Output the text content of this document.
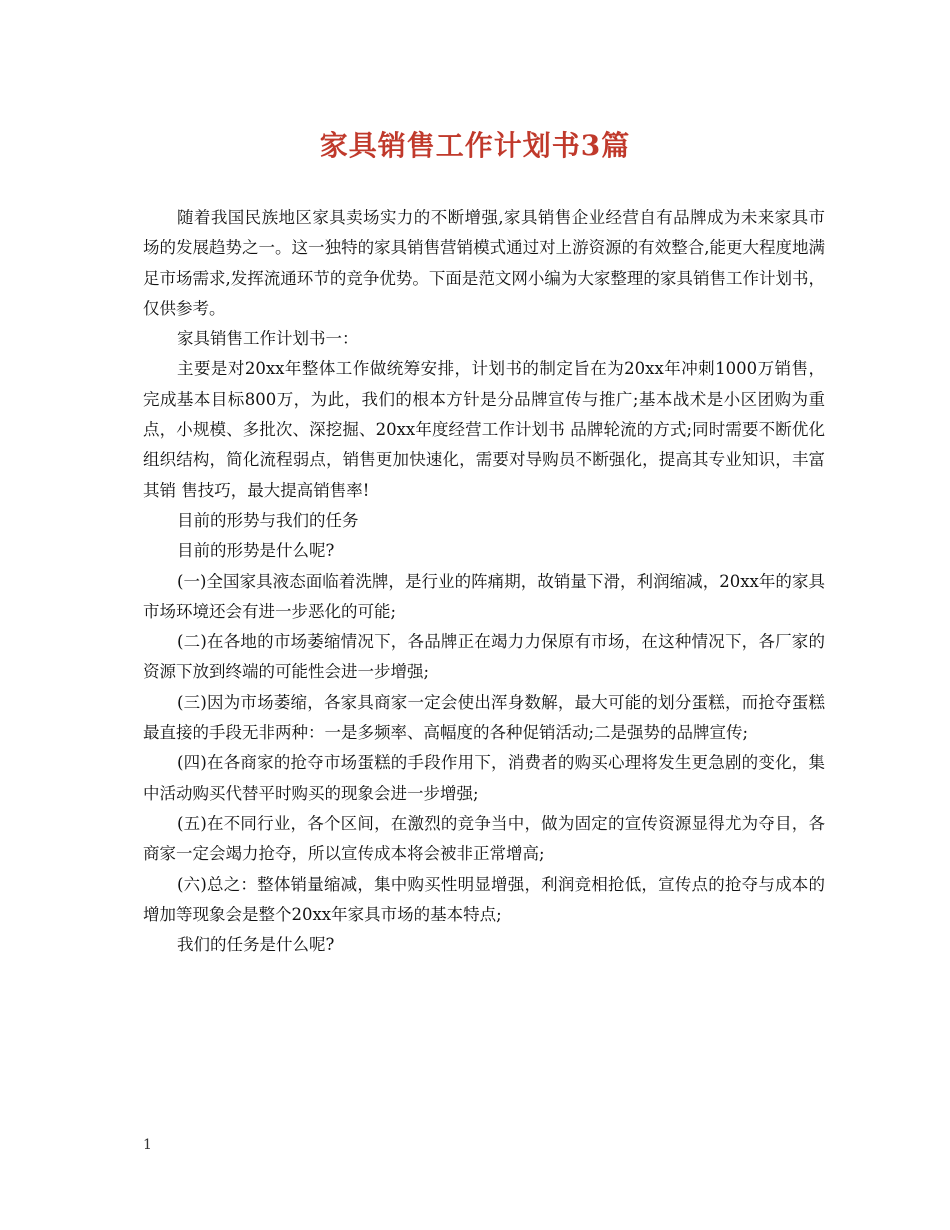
家具销售工作计划书3篇

随着我国民族地区家具卖场实力的不断增强,家具销售企业经营自有品牌成为未来家具市场的发展趋势之一。这一独特的家具销售营销模式通过对上游资源的有效整合,能更大程度地满足市场需求,发挥流通环节的竞争优势。下面是范文网小编为大家整理的家具销售工作计划书，仅供参考。

家具销售工作计划书一：

主要是对20xx年整体工作做统筹安排，计划书的制定旨在为20xx年冲刺1000万销售，完成基本目标800万，为此，我们的根本方针是分品牌宣传与推广;基本战术是小区团购为重点，小规模、多批次、深挖掘、20xx年度经营工作计划书 品牌轮流的方式;同时需要不断优化组织结构，简化流程弱点，销售更加快速化，需要对导购员不断强化，提高其专业知识，丰富其销 售技巧，最大提高销售率!

目前的形势与我们的任务

目前的形势是什么呢?

(一)全国家具液态面临着洗牌，是行业的阵痛期，故销量下滑，利润缩减，20xx年的家具市场环境还会有进一步恶化的可能;

(二)在各地的市场萎缩情况下，各品牌正在竭力力保原有市场，在这种情况下，各厂家的资源下放到终端的可能性会进一步增强;

(三)因为市场萎缩，各家具商家一定会使出浑身数解，最大可能的划分蛋糕，而抢夺蛋糕最直接的手段无非两种：一是多频率、高幅度的各种促销活动;二是强势的品牌宣传;

(四)在各商家的抢夺市场蛋糕的手段作用下，消费者的购买心理将发生更急剧的变化，集中活动购买代替平时购买的现象会进一步增强;

(五)在不同行业，各个区间，在激烈的竞争当中，做为固定的宣传资源显得尤为夺目，各商家一定会竭力抢夺，所以宣传成本将会被非正常增高;

(六)总之：整体销量缩减，集中购买性明显增强，利润竞相抢低，宣传点的抢夺与成本的增加等现象会是整个20xx年家具市场的基本特点;

我们的任务是什么呢?

1
